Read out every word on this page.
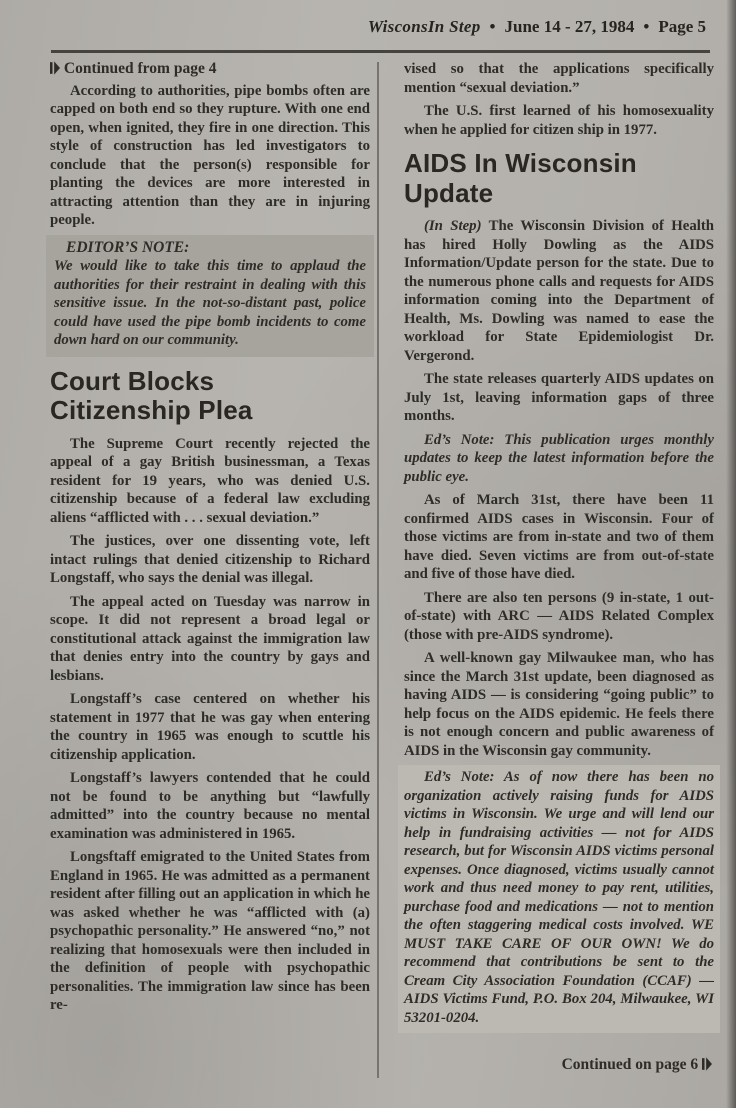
WisconsIn Step • June 14 - 27, 1984 • Page 5
Continued from page 4

According to authorities, pipe bombs often are capped on both end so they rupture. With one end open, when ignited, they fire in one direction. This style of construction has led investigators to conclude that the person(s) responsible for planting the devices are more interested in attracting attention than they are in injuring people.

EDITOR’S NOTE:

We would like to take this time to applaud the authorities for their restraint in dealing with this sensitive issue. In the not-so-distant past, police could have used the pipe bomb incidents to come down hard on our community.

Court Blocks
Citizenship Plea

The Supreme Court recently rejected the appeal of a gay British businessman, a Texas resident for 19 years, who was denied U.S. citizenship because of a federal law excluding aliens “afflicted with . . . sexual deviation.”

The justices, over one dissenting vote, left intact rulings that denied citizenship to Richard Longstaff, who says the denial was illegal.

The appeal acted on Tuesday was narrow in scope. It did not represent a broad legal or constitutional attack against the immigration law that denies entry into the country by gays and lesbians.

Longstaff’s case centered on whether his statement in 1977 that he was gay when entering the country in 1965 was enough to scuttle his citizenship application.

Longstaff’s lawyers contended that he could not be found to be anything but “lawfully admitted” into the country because no mental examination was administered in 1965.

Longsftaff emigrated to the United States from England in 1965. He was admitted as a permanent resident after filling out an application in which he was asked whether he was “afflicted with (a) psychopathic personality.” He answered “no,” not realizing that homosexuals were then included in the definition of people with psychopathic personalities. The immigration law since has been re-

vised so that the applications specifically mention “sexual deviation.”

The U.S. first learned of his homosexuality when he applied for citizen ship in 1977.

AIDS In Wisconsin
Update

(In Step) The Wisconsin Division of Health has hired Holly Dowling as the AIDS Information/Update person for the state. Due to the numerous phone calls and requests for AIDS information coming into the Department of Health, Ms. Dowling was named to ease the workload for State Epidemiologist Dr. Vergerond.

The state releases quarterly AIDS updates on July 1st, leaving information gaps of three months.

Ed’s Note: This publication urges monthly updates to keep the latest information before the public eye.

As of March 31st, there have been 11 confirmed AIDS cases in Wisconsin. Four of those victims are from in-state and two of them have died. Seven victims are from out-of-state and five of those have died.

There are also ten persons (9 in-state, 1 out-of-state) with ARC — AIDS Related Complex (those with pre-AIDS syndrome).

A well-known gay Milwaukee man, who has since the March 31st update, been diagnosed as having AIDS — is considering “going public” to help focus on the AIDS epidemic. He feels there is not enough concern and public awareness of AIDS in the Wisconsin gay community.

Ed’s Note: As of now there has been no organization actively raising funds for AIDS victims in Wisconsin. We urge and will lend our help in fundraising activities — not for AIDS research, but for Wisconsin AIDS victims personal expenses. Once diagnosed, victims usually cannot work and thus need money to pay rent, utilities, purchase food and medications — not to mention the often staggering medical costs involved. WE MUST TAKE CARE OF OUR OWN! We do recommend that contributions be sent to the Cream City Association Foundation (CCAF) — AIDS Victims Fund, P.O. Box 204, Milwaukee, WI 53201-0204.
Continued on page 6
